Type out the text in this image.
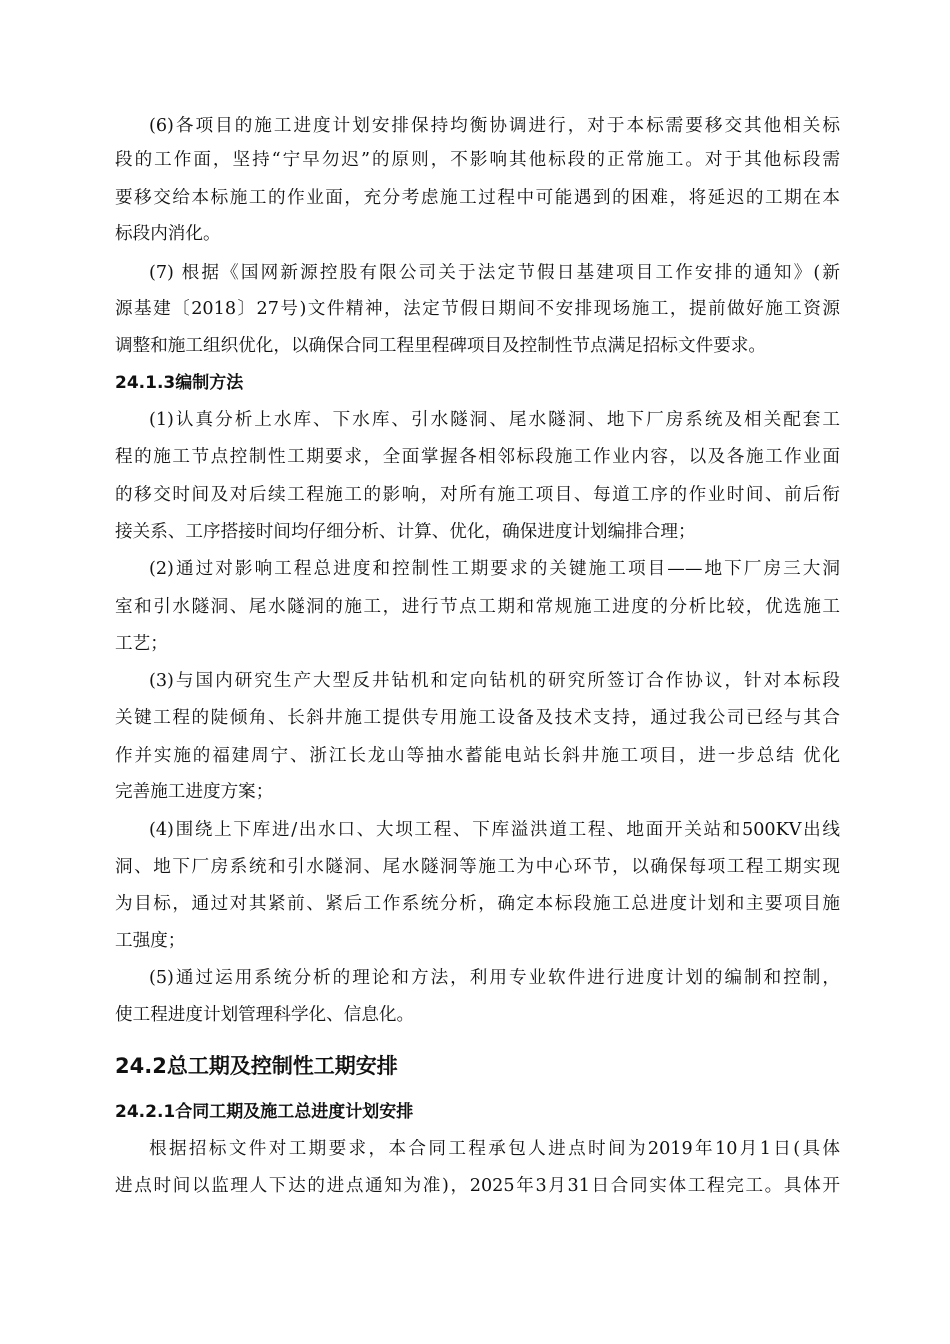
(6)各项目的施工进度计划安排保持均衡协调进行，对于本标需要移交其他相关标
段的工作面，坚持“宁早勿迟”的原则，不影响其他标段的正常施工。对于其他标段需
要移交给本标施工的作业面，充分考虑施工过程中可能遇到的困难，将延迟的工期在本
标段内消化。
(7) 根据《国网新源控股有限公司关于法定节假日基建项目工作安排的通知》(新
源基建〔2018〕27号)文件精神，法定节假日期间不安排现场施工，提前做好施工资源
调整和施工组织优化，以确保合同工程里程碑项目及控制性节点满足招标文件要求。
24.1.3编制方法
(1)认真分析上水库、下水库、引水隧洞、尾水隧洞、地下厂房系统及相关配套工
程的施工节点控制性工期要求，全面掌握各相邻标段施工作业内容，以及各施工作业面
的移交时间及对后续工程施工的影响，对所有施工项目、每道工序的作业时间、前后衔
接关系、工序搭接时间均仔细分析、计算、优化，确保进度计划编排合理；
(2)通过对影响工程总进度和控制性工期要求的关键施工项目——地下厂房三大洞
室和引水隧洞、尾水隧洞的施工，进行节点工期和常规施工进度的分析比较，优选施工
工艺；
(3)与国内研究生产大型反井钻机和定向钻机的研究所签订合作协议，针对本标段
关键工程的陡倾角、长斜井施工提供专用施工设备及技术支持，通过我公司已经与其合
作并实施的福建周宁、浙江长龙山等抽水蓄能电站长斜井施工项目，进一步总结 优化
完善施工进度方案；
(4)围绕上下库进/出水口、大坝工程、下库溢洪道工程、地面开关站和500KV出线
洞、地下厂房系统和引水隧洞、尾水隧洞等施工为中心环节，以确保每项工程工期实现
为目标，通过对其紧前、紧后工作系统分析，确定本标段施工总进度计划和主要项目施
工强度；
(5)通过运用系统分析的理论和方法，利用专业软件进行进度计划的编制和控制，
使工程进度计划管理科学化、信息化。
24.2总工期及控制性工期安排
24.2.1合同工期及施工总进度计划安排
根据招标文件对工期要求，本合同工程承包人进点时间为2019年10月1日(具体
进点时间以监理人下达的进点通知为准)，2025年3月31日合同实体工程完工。具体开
